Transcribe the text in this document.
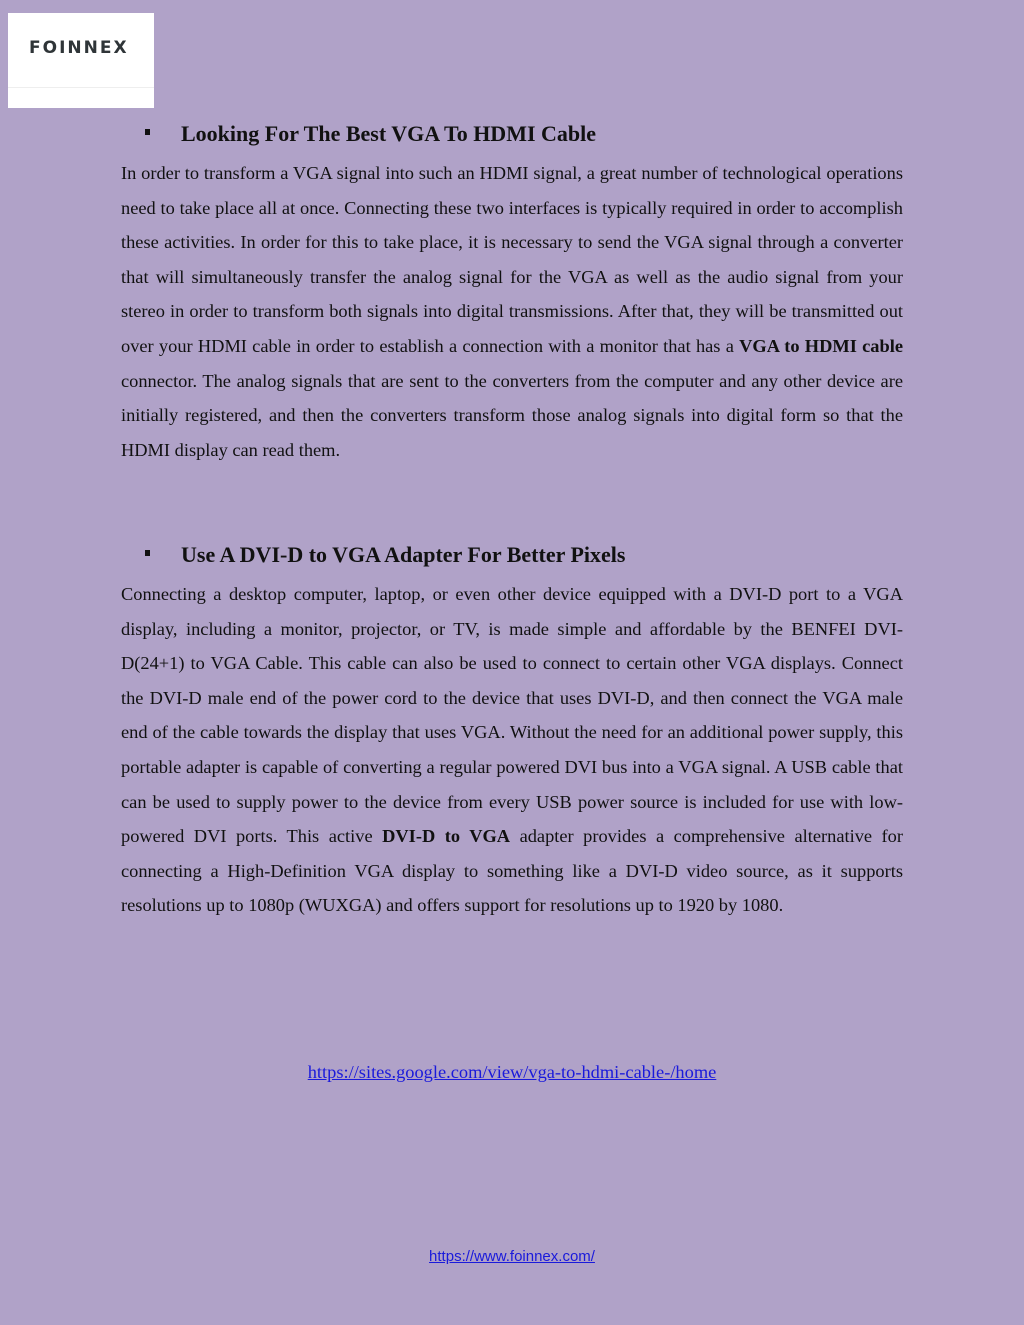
FOINNEX
Looking For The Best VGA To HDMI Cable

In order to transform a VGA signal into such an HDMI signal, a great number of technological operations need to take place all at once. Connecting these two interfaces is typically required in order to accomplish these activities. In order for this to take place, it is necessary to send the VGA signal through a converter that will simultaneously transfer the analog signal for the VGA as well as the audio signal from your stereo in order to transform both signals into digital transmissions. After that, they will be transmitted out over your HDMI cable in order to establish a connection with a monitor that has a VGA to HDMI cable connector. The analog signals that are sent to the converters from the computer and any other device are initially registered, and then the converters transform those analog signals into digital form so that the HDMI display can read them.

Use A DVI-D to VGA Adapter For Better Pixels

Connecting a desktop computer, laptop, or even other device equipped with a DVI-D port to a VGA display, including a monitor, projector, or TV, is made simple and affordable by the BENFEI DVI-D(24+1) to VGA Cable. This cable can also be used to connect to certain other VGA displays. Connect the DVI-D male end of the power cord to the device that uses DVI-D, and then connect the VGA male end of the cable towards the display that uses VGA. Without the need for an additional power supply, this portable adapter is capable of converting a regular powered DVI bus into a VGA signal. A USB cable that can be used to supply power to the device from every USB power source is included for use with low-powered DVI ports. This active DVI-D to VGA adapter provides a comprehensive alternative for connecting a High-Definition VGA display to something like a DVI-D video source, as it supports resolutions up to 1080p (WUXGA) and offers support for resolutions up to 1920 by 1080.

https://sites.google.com/view/vga-to-hdmi-cable-/home
https://www.foinnex.com/
